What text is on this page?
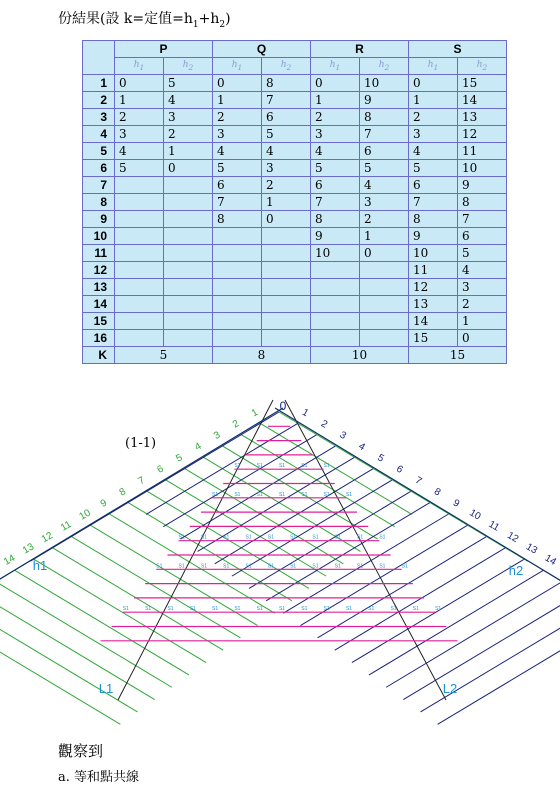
份結果(設 k=定值$=h_1+h_2$)
	P		Q		R		S	
	$h_1$	$h_2$	$h_1$	$h_2$	$h_1$	$h_2$	$h_1$	$h_2$
1	0	5	0	8	0	10	0	15
2	1	4	1	7	1	9	1	14
3	2	3	2	6	2	8	2	13
4	3	2	3	5	3	7	3	12
5	4	1	4	4	4	6	4	11
6	5	0	5	3	5	5	5	10
7			6	2	6	4	6	9
8			7	1	7	3	7	8
9			8	0	8	2	8	7
10					9	1	9	6
11					10	0	10	5
12							11	4
13							12	3
14							13	2
15							14	1
16							15	0
K	5		8		10		15	
S1	S1	S1	S1	S1
S1	S1	S1	S1	S1	S1	S1
S1	S1	S1	S1	S1	S1	S1	S1	S1	S1
S1	S1	S1	S1	S1	S1	S1	S1	S1	S1	S1	S1
S1	S1	S1	S1	S1	S1	S1	S1	S1	S1	S1	S1	S1	S1	S1
1
2
3
4
5
6
7
8
9
10
11
12
13
14
1
2
3
4
5
6
7
8
9
10
11
12
13
14
0
(1-1)
h1	h2
L1	L2
觀察到
a. 等和點共線
